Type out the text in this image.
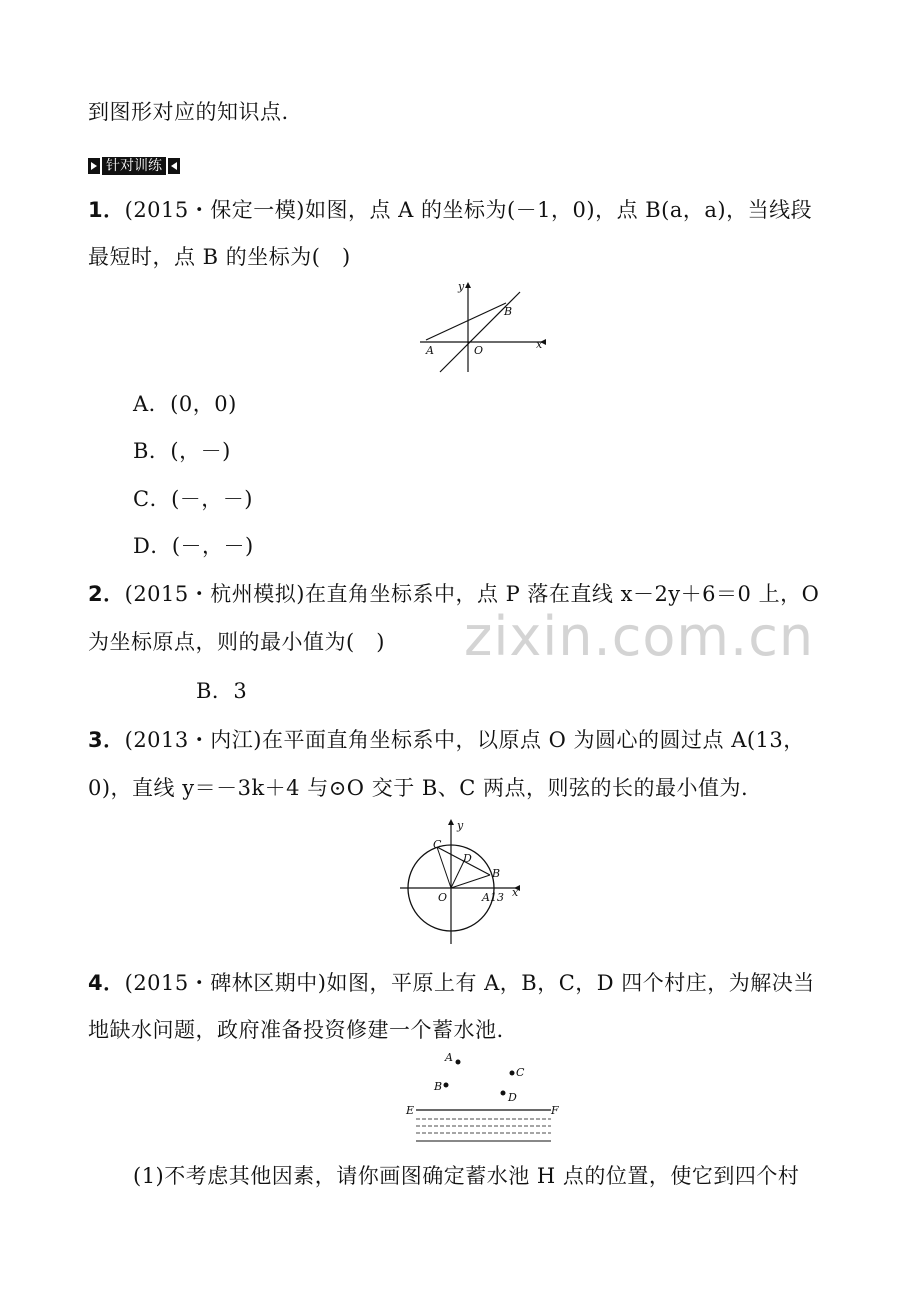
到图形对应的知识点.
针对训练
1．(2015・保定一模)如图，点 A 的坐标为(－1，0)，点 B(a，a)，当线段
最短时，点 B 的坐标为(　)
y
B
A	O	x
A．(0，0)
B．(，－)
C．(－，－)
D．(－，－)
2．(2015・杭州模拟)在直角坐标系中，点 P 落在直线 x－2y＋6＝0 上，O
为坐标原点，则的最小值为(　) zixin.com.cn
B．3
3．(2013・内江)在平面直角坐标系中，以原点 O 为圆心的圆过点 A(13，
0)，直线 y＝－3k＋4 与⊙O 交于 B、C 两点，则弦的长的最小值为.
y
C
D
B
O	A13 x
4．(2015・碑林区期中)如图，平原上有 A，B，C，D 四个村庄，为解决当
地缺水问题，政府准备投资修建一个蓄水池.
A
B
C
D
E	F
(1)不考虑其他因素，请你画图确定蓄水池 H 点的位置，使它到四个村
